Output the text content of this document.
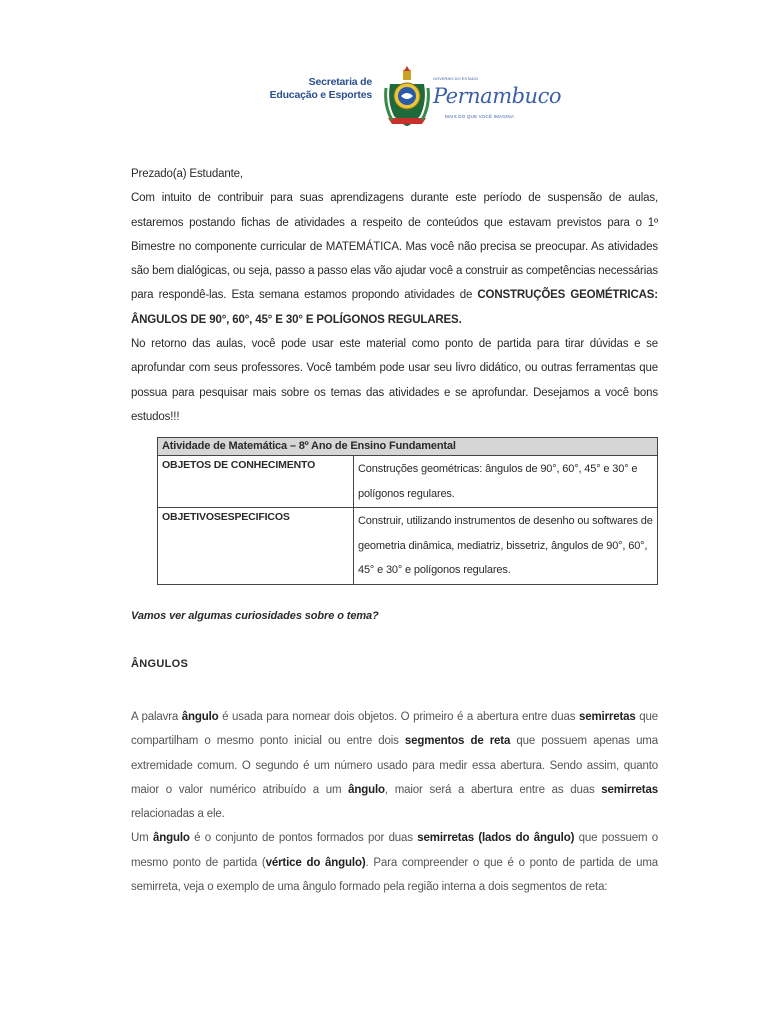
Secretaria de
Educação e Esportes
GOVERNO DO ESTADO
Pernambuco
MAIS DO QUE VOCÊ IMAGINA

Prezado(a) Estudante,

Com intuito de contribuir para suas aprendizagens durante este período de suspensão de aulas, estaremos postando fichas de atividades a respeito de conteúdos que estavam previstos para o 1º Bimestre no componente curricular de MATEMÁTICA. Mas você não precisa se preocupar. As atividades são bem dialógicas, ou seja, passo a passo elas vão ajudar você a construir as competências necessárias para respondê-las. Esta semana estamos propondo atividades de CONSTRUÇÕES GEOMÉTRICAS: ÂNGULOS DE 90°, 60°, 45° E 30° E POLÍGONOS REGULARES.

No retorno das aulas, você pode usar este material como ponto de partida para tirar dúvidas e se aprofundar com seus professores. Você também pode usar seu livro didático, ou outras ferramentas que possua para pesquisar mais sobre os temas das atividades e se aprofundar. Desejamos a você bons estudos!!!

Atividade de Matemática – 8º Ano de Ensino Fundamental	
OBJETOS DE CONHECIMENTO	Construções geométricas: ângulos de 90°, 60°, 45° e 30° e polígonos regulares.
OBJETIVOSESPECIFICOS	Construir, utilizando instrumentos de desenho ou softwares de geometria dinâmica, mediatriz, bissetriz, ângulos de 90°, 60°, 45° e 30° e polígonos regulares.
Vamos ver algumas curiosidades sobre o tema?
ÂNGULOS

A palavra ângulo é usada para nomear dois objetos. O primeiro é a abertura entre duas semirretas que compartilham o mesmo ponto inicial ou entre dois segmentos de reta que possuem apenas uma extremidade comum. O segundo é um número usado para medir essa abertura. Sendo assim, quanto maior o valor numérico atribuído a um ângulo, maior será a abertura entre as duas semirretas relacionadas a ele.

Um ângulo é o conjunto de pontos formados por duas semirretas (lados do ângulo) que possuem o mesmo ponto de partida (vértice do ângulo). Para compreender o que é o ponto de partida de uma semirreta, veja o exemplo de uma ângulo formado pela região interna a dois segmentos de reta:
